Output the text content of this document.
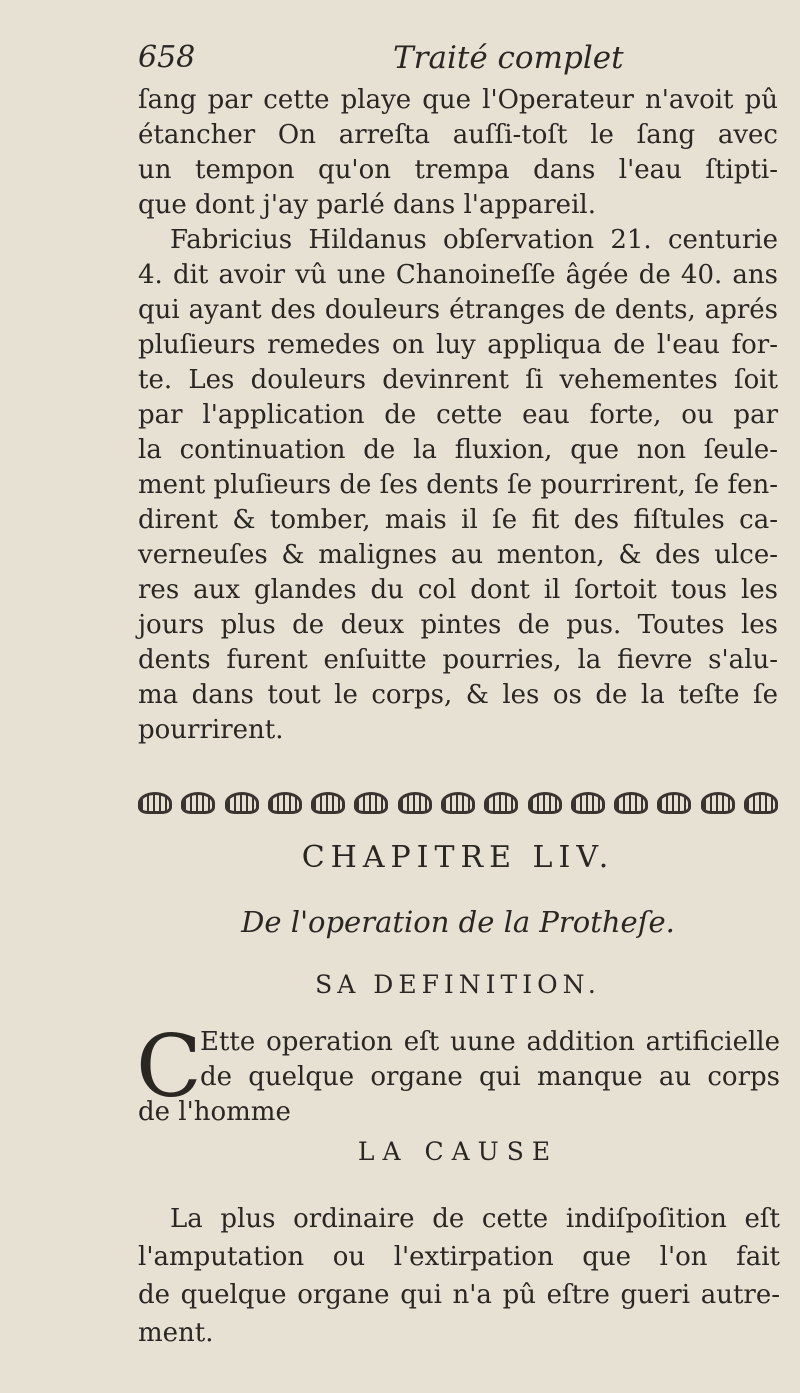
658	Traité complet
ſang par cette playe que l'Operateur n'avoit pû
étancher On arreſta auſſi-toſt le ſang avec
un tempon qu'on trempa dans l'eau ſtipti-
que dont j'ay parlé dans l'appareil.
Fabricius Hildanus obſervation 21. centurie
4. dit avoir vû une Chanoineſſe âgée de 40. ans
qui ayant des douleurs étranges de dents, aprés
pluſieurs remedes on luy appliqua de l'eau for-
te. Les douleurs devinrent ſi vehementes ſoit
par l'application de cette eau forte, ou par
la continuation de la fluxion, que non ſeule-
ment pluſieurs de ſes dents ſe pourrirent, ſe fen-
dirent & tomber, mais il ſe fit des fiſtules ca-
verneuſes & malignes au menton, & des ulce-
res aux glandes du col dont il ſortoit tous les
jours plus de deux pintes de pus. Toutes les
dents furent enſuitte pourries, la fievre s'alu-
ma dans tout le corps, & les os de la teſte ſe
pourrirent.
CHAPITRE LIV.
De l'operation de la Protheſe.
SA DEFINITION.
C
Ette operation eſt uune addition artificielle
de quelque organe qui manque au corps
de l'homme
LA CAUSE
La plus ordinaire de cette indiſpoſition eſt
l'amputation ou l'extirpation que l'on fait
de quelque organe qui n'a pû eſtre gueri autre-
ment.
